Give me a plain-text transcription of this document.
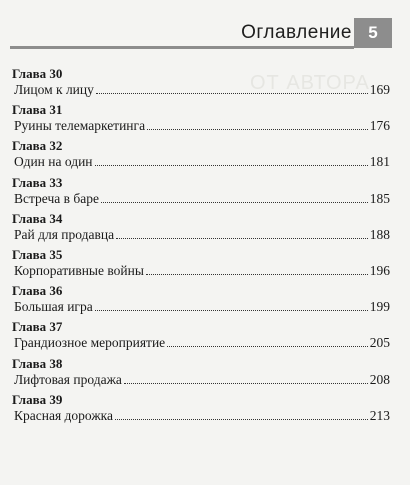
Оглавление 5
ОТ АВТОРА
Глава 30
Лицом к лицу	169
Глава 31
Руины телемаркетинга	176
Глава 32
Один на один	181
Глава 33
Встреча в баре	185
Глава 34
Рай для продавца	188
Глава 35
Корпоративные войны	196
Глава 36
Большая игра	199
Глава 37
Грандиозное мероприятие	205
Глава 38
Лифтовая продажа	208
Глава 39
Красная дорожка	213
